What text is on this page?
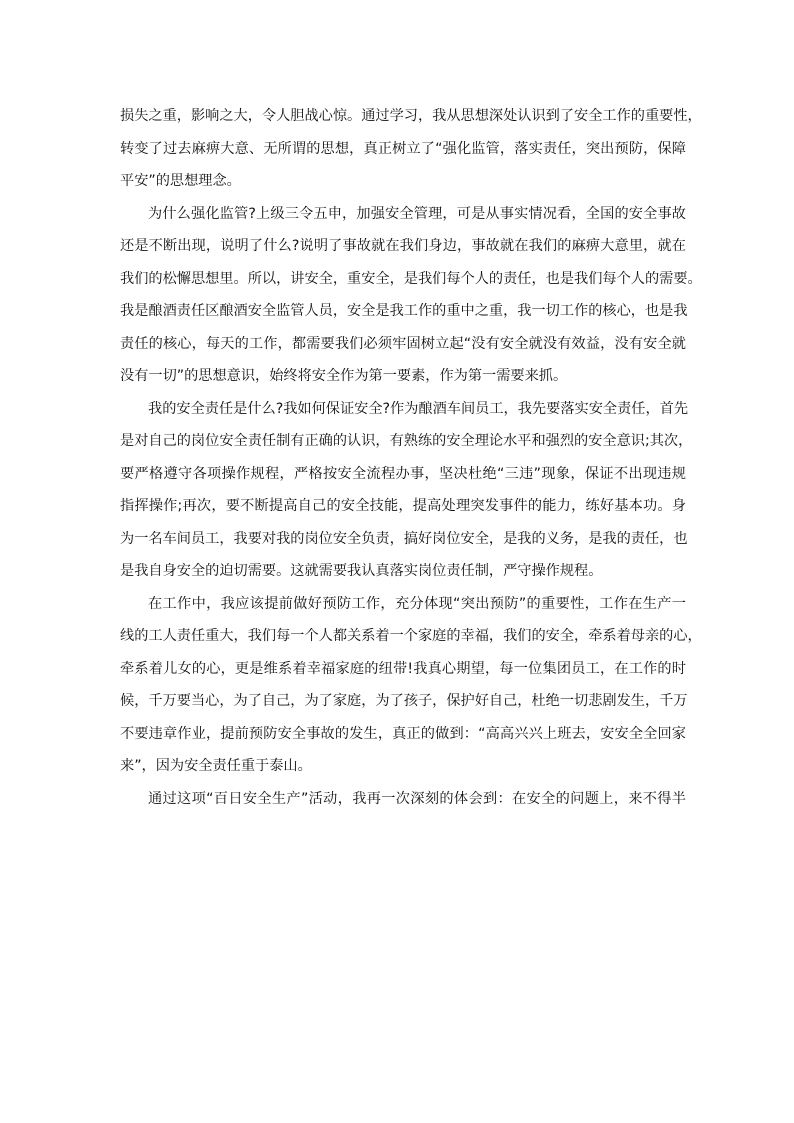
损失之重，影响之大，令人胆战心惊。通过学习，我从思想深处认识到了安全工作的重要性，
转变了过去麻痹大意、无所谓的思想，真正树立了“强化监管，落实责任，突出预防，保障
平安”的思想理念。
为什么强化监管?上级三令五申，加强安全管理，可是从事实情况看，全国的安全事故
还是不断出现，说明了什么?说明了事故就在我们身边，事故就在我们的麻痹大意里，就在
我们的松懈思想里。所以，讲安全，重安全，是我们每个人的责任，也是我们每个人的需要。
我是酿酒责任区酿酒安全监管人员，安全是我工作的重中之重，我一切工作的核心，也是我
责任的核心，每天的工作，都需要我们必须牢固树立起“没有安全就没有效益，没有安全就
没有一切”的思想意识，始终将安全作为第一要素，作为第一需要来抓。
我的安全责任是什么?我如何保证安全?作为酿酒车间员工，我先要落实安全责任，首先
是对自己的岗位安全责任制有正确的认识，有熟练的安全理论水平和强烈的安全意识;其次，
要严格遵守各项操作规程，严格按安全流程办事，坚决杜绝“三违”现象，保证不出现违规
指挥操作;再次，要不断提高自己的安全技能，提高处理突发事件的能力，练好基本功。身
为一名车间员工，我要对我的岗位安全负责，搞好岗位安全，是我的义务，是我的责任，也
是我自身安全的迫切需要。这就需要我认真落实岗位责任制，严守操作规程。
在工作中，我应该提前做好预防工作，充分体现“突出预防”的重要性，工作在生产一
线的工人责任重大，我们每一个人都关系着一个家庭的幸福，我们的安全，牵系着母亲的心，
牵系着儿女的心，更是维系着幸福家庭的纽带!我真心期望，每一位集团员工，在工作的时
候，千万要当心，为了自己，为了家庭，为了孩子，保护好自己，杜绝一切悲剧发生，千万
不要违章作业，提前预防安全事故的发生，真正的做到：“高高兴兴上班去，安安全全回家
来”，因为安全责任重于泰山。
通过这项“百日安全生产”活动，我再一次深刻的体会到：在安全的问题上，来不得半
